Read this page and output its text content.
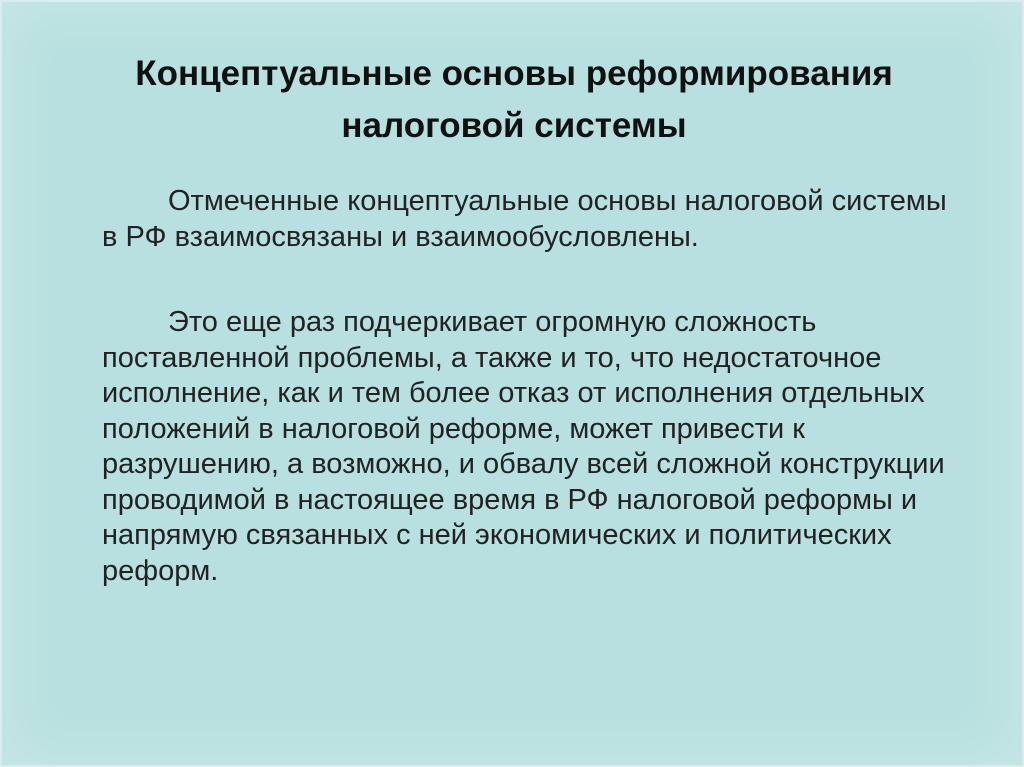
Концептуальные основы реформирования
налоговой системы

Отмеченные концептуальные основы налоговой системы в РФ взаимосвязаны и взаимообусловлены.

Это еще раз подчеркивает огромную сложность поставленной проблемы, а также и то, что недостаточное исполнение, как и тем более отказ от исполнения отдельных положений в налоговой реформе, может привести к разрушению, а возможно, и обвалу всей сложной конструкции проводимой в настоящее время в РФ налоговой реформы и напрямую связанных с ней экономических и политических реформ.
